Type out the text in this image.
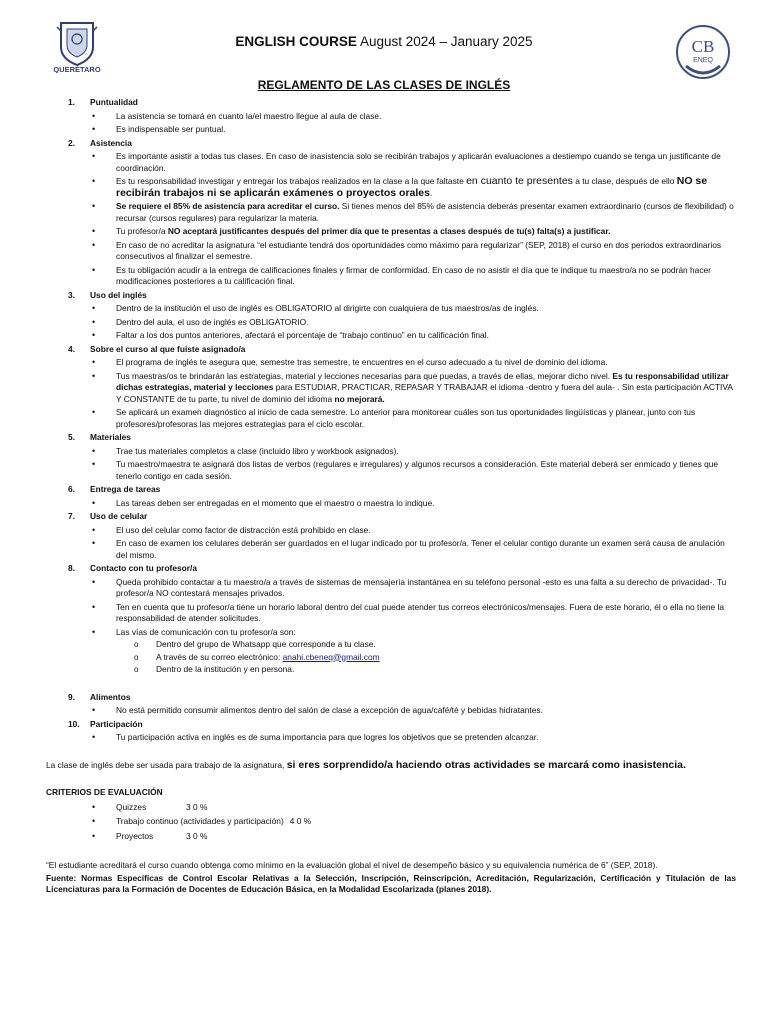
QUERÉTARO
CB
ENEQ
ENGLISH COURSE August 2024 – January 2025
REGLAMENTO DE LAS CLASES DE INGLÉS
1.	Puntualidad
•	La asistencia se tomará en cuanto la/el maestro llegue al aula de clase.
•	Es indispensable ser puntual.
2.	Asistencia
•	Es importante asistir a todas tus clases. En caso de inasistencia solo se recibirán trabajos y aplicarán evaluaciones a destiempo cuando se tenga un justificante de coordinación.
•	Es tu responsabilidad investigar y entregar los trabajos realizados en la clase a la que faltaste en cuanto te presentes a tu clase, después de ello NO se recibirán trabajos ni se aplicarán exámenes o proyectos orales.
•	Se requiere el 85% de asistencia para acreditar el curso. Si tienes menos del 85% de asistencia deberás presentar examen extraordinario (cursos de flexibilidad) o recursar (cursos regulares) para regularizar la materia.
•	Tu profesor/a NO aceptará justificantes después del primer día que te presentas a clases después de tu(s) falta(s) a justificar.
•	En caso de no acreditar la asignatura “el estudiante tendrá dos oportunidades como máximo para regularizar” (SEP, 2018) el curso en dos periodos extraordinarios consecutivos al finalizar el semestre.
•	Es tu obligación acudir a la entrega de calificaciones finales y firmar de conformidad. En caso de no asistir el día que te indique tu maestro/a no se podrán hacer modificaciones posteriores a tu calificación final.
3.	Uso del inglés
•	Dentro de la institución el uso de inglés es OBLIGATORIO al dirigirte con cualquiera de tus maestros/as de inglés.
•	Dentro del aula, el uso de inglés es OBLIGATORIO.
•	Faltar a los dos puntos anteriores, afectará el porcentaje de “trabajo continuo” en tu calificación final.
4.	Sobre el curso al que fuiste asignado/a
•	El programa de inglés te asegura que, semestre tras semestre, te encuentres en el curso adecuado a tu nivel de dominio del idioma.
•	Tus maestras/os te brindarán las estrategias, material y lecciones necesarias para que puedas, a través de ellas, mejorar dicho nivel. Es tu responsabilidad utilizar dichas estrategias, material y lecciones para ESTUDIAR, PRACTICAR, REPASAR Y TRABAJAR el idioma -dentro y fuera del aula- . Sin esta participación ACTIVA Y CONSTANTE de tu parte, tu nivel de dominio del idioma no mejorará.
•	Se aplicará un examen diagnóstico al inicio de cada semestre. Lo anterior para monitorear cuáles son tus oportunidades lingüísticas y planear, junto con tus profesores/profesoras las mejores estrategias para el ciclo escolar.
5.	Materiales
•	Trae tus materiales completos a clase (incluido libro y workbook asignados).
•	Tu maestro/maestra te asignará dos listas de verbos (regulares e irregulares) y algunos recursos a consideración. Este material deberá ser enmicado y tienes que tenerlo contigo en cada sesión.
6.	Entrega de tareas
•	Las tareas deben ser entregadas en el momento que el maestro o maestra lo indique.
7.	Uso de celular
•	El uso del celular como factor de distracción está prohibido en clase.
•	En caso de examen los celulares deberán ser guardados en el lugar indicado por tu profesor/a. Tener el celular contigo durante un examen será causa de anulación del mismo.
8.	Contacto con tu profesor/a
•	Queda prohibido contactar a tu maestro/a a través de sistemas de mensajería instantánea en su teléfono personal -esto es una falta a su derecho de privacidad-. Tu profesor/a NO contestará mensajes privados.
•	Ten en cuenta que tu profesor/a tiene un horario laboral dentro del cual puede atender tus correos electrónicos/mensajes. Fuera de este horario, él o ella no tiene la responsabilidad de atender solicitudes.
•	Las vías de comunicación con tu profesor/a son:
o	Dentro del grupo de Whatsapp que corresponde a tu clase.
o	A través de su correo electrónico: anahi.cbeneq@gmail.com
o	Dentro de la institución y en persona.
9.	Alimentos
•	No está permitido consumir alimentos dentro del salón de clase a excepción de agua/café/té y bebidas hidratantes.
10.	Participación
•	Tu participación activa en inglés es de suma importancia para que logres los objetivos que se pretenden alcanzar.
La clase de inglés debe ser usada para trabajo de la asignatura, si eres sorprendido/a haciendo otras actividades se marcará como inasistencia.
CRITERIOS DE EVALUACIÓN
•	Quizzes	3 0 %
•	Trabajo continuo (actividades y participación) 4 0 %
•	Proyectos	3 0 %
“El estudiante acreditará el curso cuando obtenga como mínimo en la evaluación global el nivel de desempeño básico y su equivalencia numérica de 6” (SEP, 2018).
Fuente: Normas Específicas de Control Escolar Relativas a la Selección, Inscripción, Reinscripción, Acreditación, Regularización, Certificación y Titulación de las Licenciaturas para la Formación de Docentes de Educación Básica, en la Modalidad Escolarizada (planes 2018).
